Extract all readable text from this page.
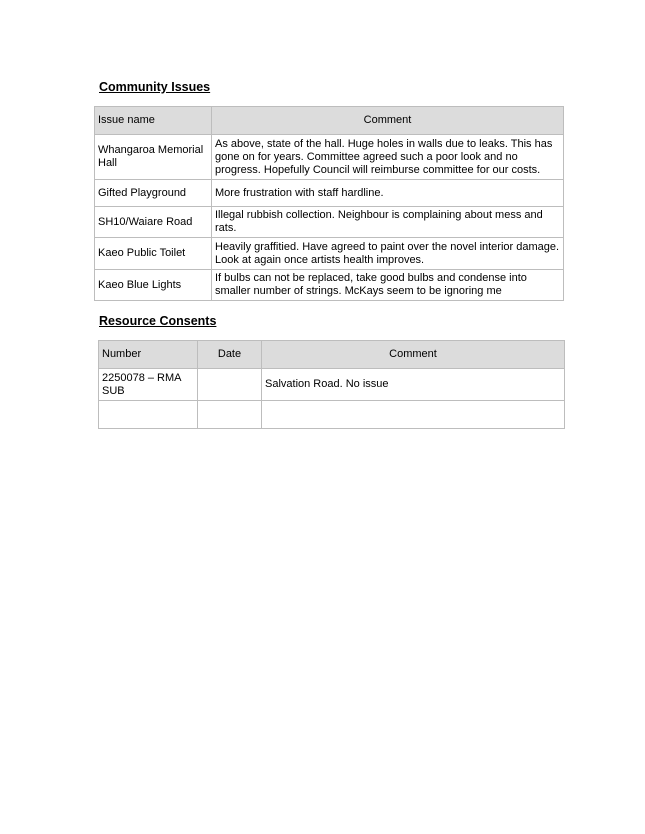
Community Issues

Issue name	Comment
Whangaroa Memorial Hall	As above, state of the hall. Huge holes in walls due to leaks. This has gone on for years. Committee agreed such a poor look and no progress. Hopefully Council will reimburse committee for our costs.
Gifted Playground	More frustration with staff hardline.
SH10/Waiare Road	Illegal rubbish collection. Neighbour is complaining about mess and rats.
Kaeo Public Toilet	Heavily graffitied. Have agreed to paint over the novel interior damage. Look at again once artists health improves.
Kaeo Blue Lights	If bulbs can not be replaced, take good bulbs and condense into smaller number of strings. McKays seem to be ignoring me

Resource Consents

Number	Date	Comment
2250078 – RMA SUB		Salvation Road. No issue
